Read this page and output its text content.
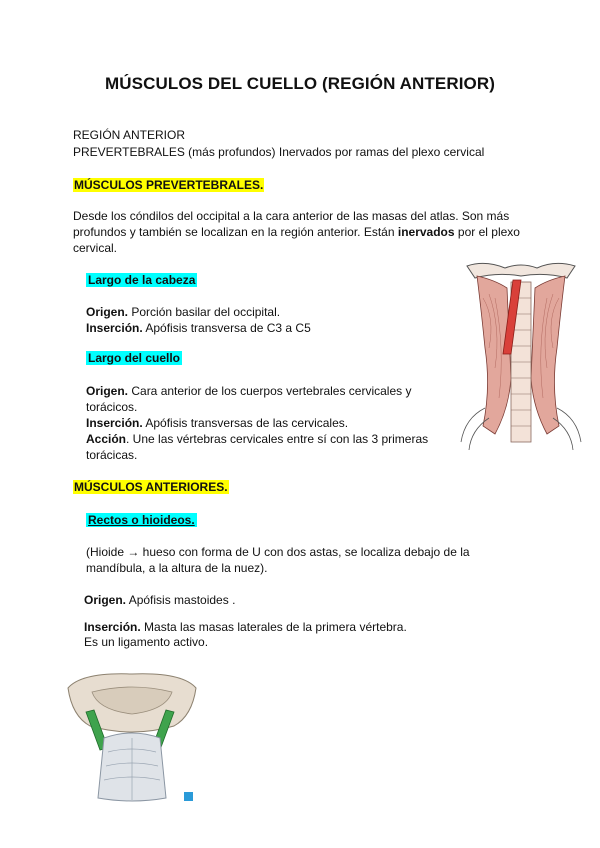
MÚSCULOS DEL CUELLO (REGIÓN ANTERIOR)
REGIÓN ANTERIOR
PREVERTEBRALES (más profundos) Inervados por ramas del plexo cervical
MÚSCULOS PREVERTEBRALES.
Desde los cóndilos del occipital a la cara anterior de las masas del atlas. Son más profundos y también se localizan en la región anterior. Están inervados por el plexo cervical.
Largo de la cabeza
Origen. Porción basilar del occipital.
Inserción. Apófisis transversa de C3 a C5
Largo del cuello
Origen. Cara anterior de los cuerpos vertebrales cervicales y
torácicos.
Inserción. Apófisis transversas de las cervicales.
Acción. Une las vértebras cervicales entre sí con las 3 primeras
torácicas.
MÚSCULOS ANTERIORES.
Rectos o hioideos.
(Hioide → hueso con forma de U con dos astas, se localiza debajo de la
mandíbula, a la altura de la nuez).
Origen. Apófisis mastoides .
Inserción. Masta las masas laterales de la primera vértebra.
Es un ligamento activo.
